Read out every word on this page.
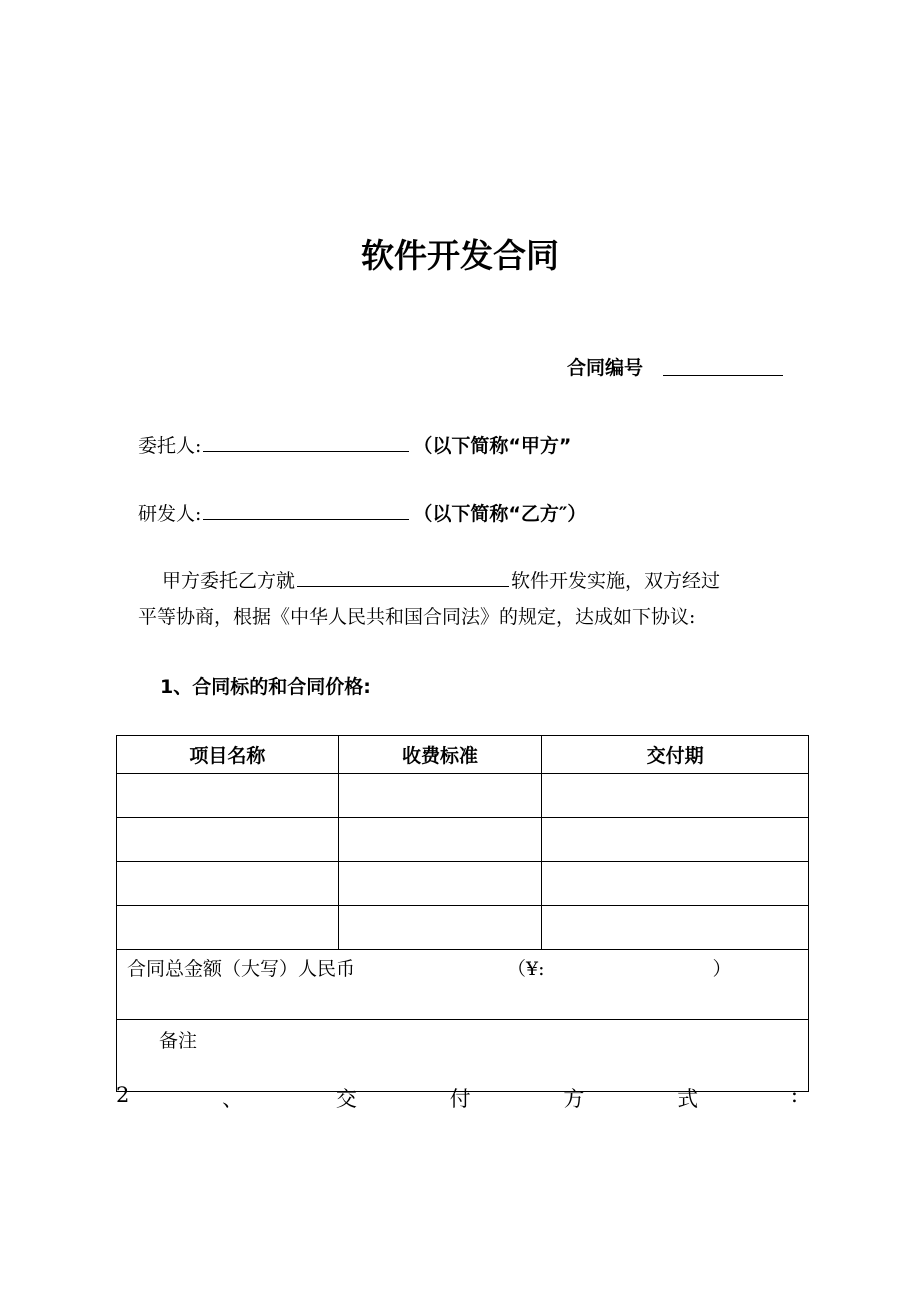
软件开发合同
合同编号
委托人:	（以下简称“甲方”
研发人:	（以下简称“乙方″）
甲方委托乙方就	软件开发实施，双方经过
平等协商，根据《中华人民共和国合同法》的规定，达成如下协议:
1、合同标的和合同价格:
项目名称	收费标准	交付期

合同总金额（大写）人民币 （¥: ）		

备注		
2	、	交	付	方	式	:
